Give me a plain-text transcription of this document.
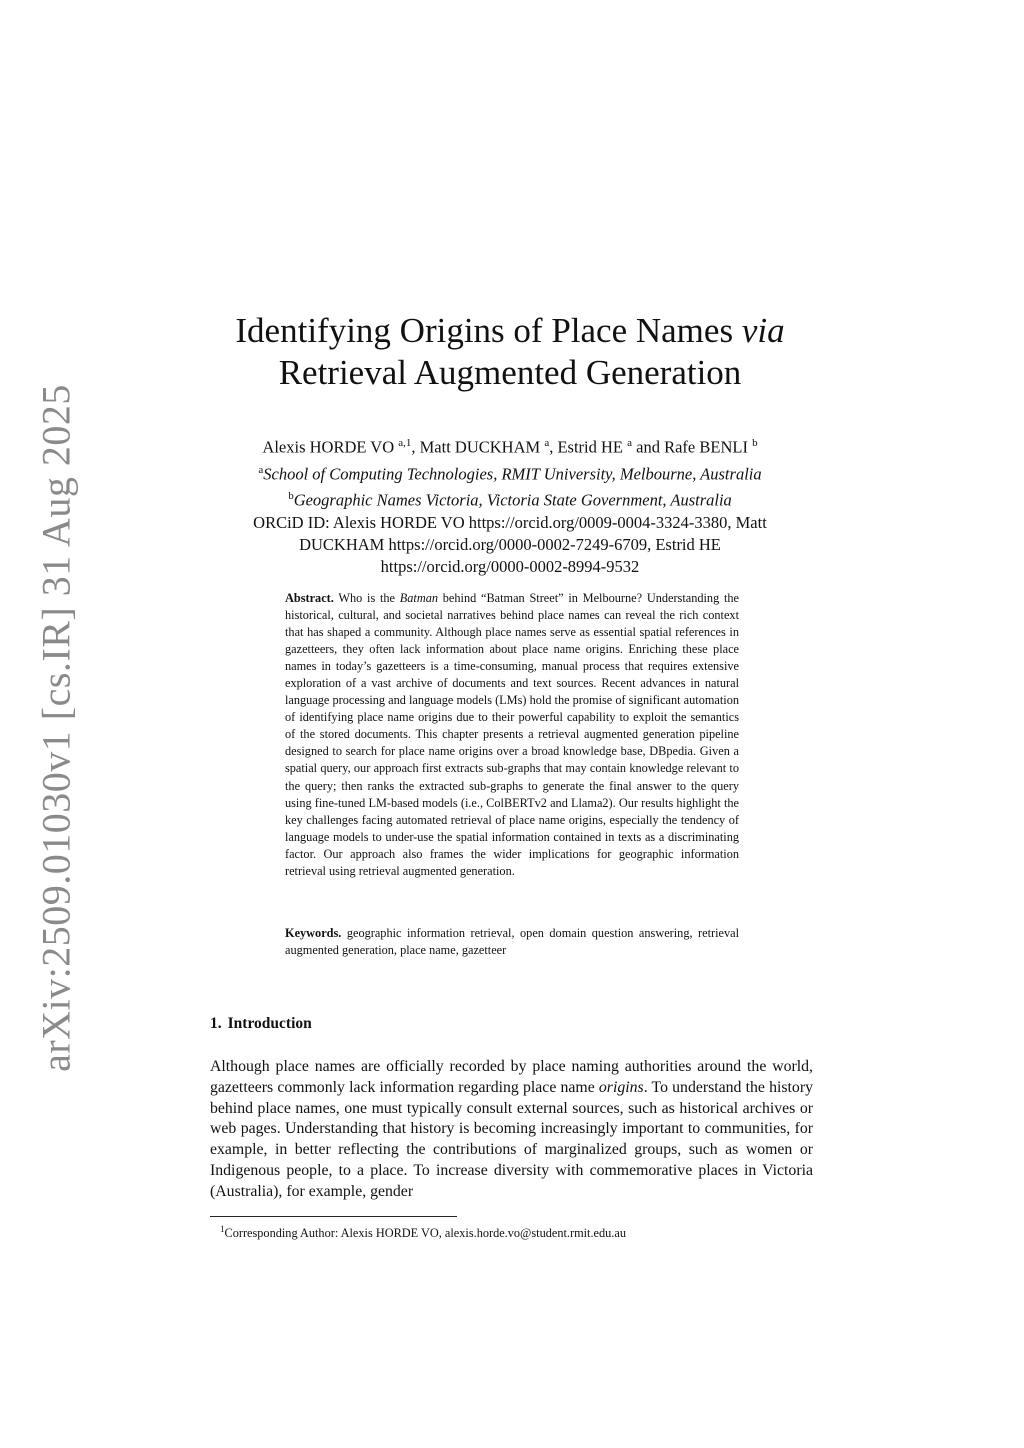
arXiv:2509.01030v1 [cs.IR] 31 Aug 2025
Identifying Origins of Place Names via
Retrieval Augmented Generation
Alexis HORDE VO $^{a,1}$, Matt DUCKHAM $^a$, Estrid HE $^a$ and Rafe BENLI $^b$
$^a$School of Computing Technologies, RMIT University, Melbourne, Australia
$^b$Geographic Names Victoria, Victoria State Government, Australia
ORCiD ID: Alexis HORDE VO https://orcid.org/0009-0004-3324-3380, Matt
DUCKHAM https://orcid.org/0000-0002-7249-6709, Estrid HE
https://orcid.org/0000-0002-8994-9532

Abstract. Who is the Batman behind “Batman Street” in Melbourne? Understanding the historical, cultural, and societal narratives behind place names can reveal the rich context that has shaped a community. Although place names serve as essential spatial references in gazetteers, they often lack information about place name origins. Enriching these place names in today’s gazetteers is a time-consuming, manual process that requires extensive exploration of a vast archive of documents and text sources. Recent advances in natural language processing and language models (LMs) hold the promise of significant automation of identifying place name origins due to their powerful capability to exploit the semantics of the stored documents. This chapter presents a retrieval augmented generation pipeline designed to search for place name origins over a broad knowledge base, DBpedia. Given a spatial query, our approach first extracts sub-graphs that may contain knowledge relevant to the query; then ranks the extracted sub-graphs to generate the final answer to the query using fine-tuned LM-based models (i.e., ColBERTv2 and Llama2). Our results highlight the key challenges facing automated retrieval of place name origins, especially the tendency of language models to under-use the spatial information contained in texts as a discriminating factor. Our approach also frames the wider implications for geographic information retrieval using retrieval augmented generation.

Keywords. geographic information retrieval, open domain question answering, retrieval augmented generation, place name, gazetteer

1. Introduction

Although place names are officially recorded by place naming authorities around the world, gazetteers commonly lack information regarding place name origins. To understand the history behind place names, one must typically consult external sources, such as historical archives or web pages. Understanding that history is becoming increasingly important to communities, for example, in better reflecting the contributions of marginalized groups, such as women or Indigenous people, to a place. To increase diversity with commemorative places in Victoria (Australia), for example, gender

$^1$Corresponding Author: Alexis HORDE VO, alexis.horde.vo@student.rmit.edu.au
